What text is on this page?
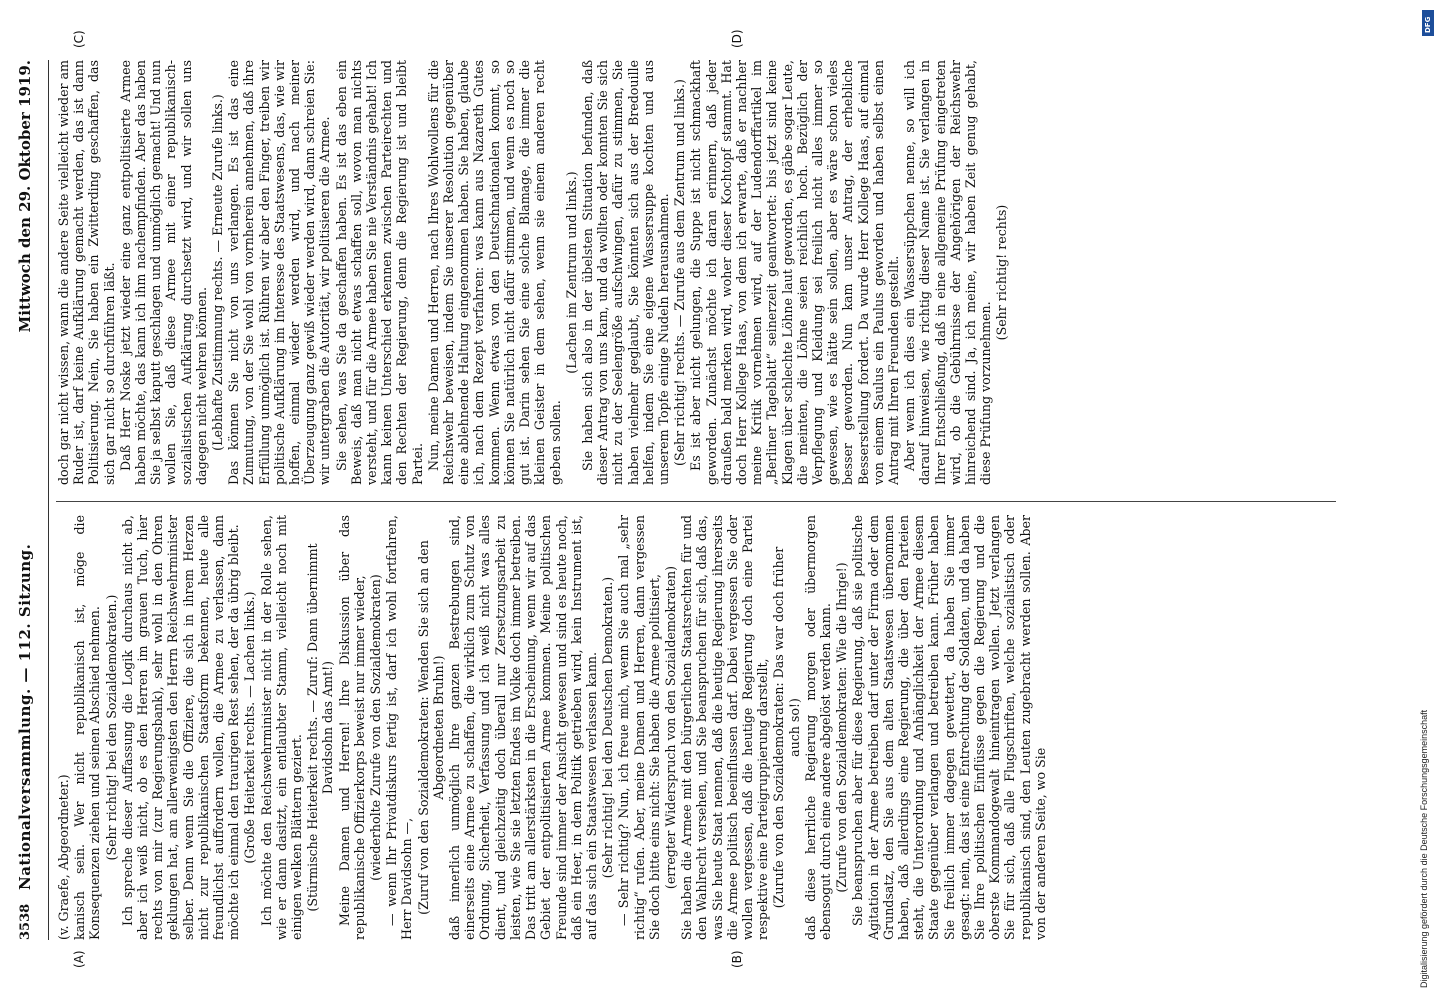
3538
Nationalversammlung. — 112. Sitzung.
Mittwoch den 29. Oktober 1919.
(A)	(B)
(C)	(D)

(v. Graefe, Abgeordneter.) kanisch sein. Wer nicht republikanisch ist, möge die Konsequenzen ziehen und seinen Abschied nehmen. (Sehr richtig! bei den Sozialdemokraten.) Ich spreche dieser Auffassung die Logik durchaus nicht ab, aber ich weiß nicht, ob es den Herren im grauen Tuch, hier rechts von mir (zur Regierungsbank), sehr wohl in den Ohren geklungen hat, am allerwenigsten den Herrn Reichswehrminister selber. Denn wenn Sie die Offiziere, die sich in ihrem Herzen nicht zur republikanischen Staatsform bekennen, heute alle freundlichst auffordern wollen, die Armee zu verlassen, dann möchte ich einmal den traurigen Rest sehen, der da übrig bleibt. (Große Heiterkeit rechts. — Lachen links.) Ich möchte den Reichswehrminister nicht in der Rolle sehen, wie er dann dasitzt, ein entlaubter Stamm, vielleicht noch mit einigen welken Blättern geziert. (Stürmische Heiterkeit rechts. — Zuruf: Dann übernimmt Davidsohn das Amt!) Meine Damen und Herren! Ihre Diskussion über das republikanische Offizierkorps beweist nur immer wieder, (wiederholte Zurufe von den Sozialdemokraten) — wenn Ihr Privatdiskurs fertig ist, darf ich wohl fortfahren, Herr Davidsohn —, (Zuruf von den Sozialdemokraten: Wenden Sie sich an den Abgeordneten Bruhn!) daß innerlich unmöglich Ihre ganzen Bestrebungen sind, einerseits eine Armee zu schaffen, die wirklich zum Schutz von Ordnung, Sicherheit, Verfassung und ich weiß nicht was alles dient, und gleichzeitig doch überall nur Zersetzungsarbeit zu leisten, wie Sie sie letzten Endes im Volke doch immer betreiben. Das tritt am allerstärksten in die Erscheinung, wenn wir auf das Gebiet der entpolitisierten Armee kommen. Meine politischen Freunde sind immer der Ansicht gewesen und sind es heute noch, daß ein Heer, in dem Politik getrieben wird, kein Instrument ist, auf das sich ein Staatswesen verlassen kann. (Sehr richtig! bei den Deutschen Demokraten.) — Sehr richtig? Nun, ich freue mich, wenn Sie auch mal „sehr richtig“ rufen. Aber, meine Damen und Herren, dann vergessen Sie doch bitte eins nicht: Sie haben die Armee politisiert, (erregter Widerspruch von den Sozialdemokraten) Sie haben die Armee mit den bürgerlichen Staatsrechten für und den Wahlrecht versehen, und Sie beanspruchen für sich, daß das, was Sie heute Staat nennen, daß die heutige Regierung ihrerseits die Armee politisch beeinflussen darf. Dabei vergessen Sie oder wollen vergessen, daß die heutige Regierung doch eine Partei respektive eine Parteigruppierung darstellt, (Zurufe von den Sozialdemokraten: Das war doch früher auch so!) daß diese herrliche Regierung morgen oder übermorgen ebensogut durch eine andere abgelöst werden kann. (Zurufe von den Sozialdemokraten: Wie die Ihrige!) Sie beanspruchen aber für diese Regierung, daß sie politische Agitation in der Armee betreiben darf unter der Firma oder dem Grundsatz, den Sie aus dem alten Staatswesen übernommen haben, daß allerdings eine Regierung, die über den Parteien steht, die Unterordnung und Anhänglichkeit der Armee diesem Staate gegenüber verlangen und betreiben kann. Früher haben Sie freilich immer dagegen gewettert, da haben Sie immer gesagt: nein, das ist eine Entrechtung der Soldaten, und da haben Sie Ihre politischen Einflüsse gegen die Regierung und die oberste Kommandogewalt hineintragen wollen. Jetzt verlangen Sie für sich, daß alle Flugschriften, welche sozialistisch oder republikanisch sind, den Leuten zugebracht werden sollen. Aber von der anderen Seite, wo Sie

doch gar nicht wissen, wann die andere Seite vielleicht wieder am Ruder ist, darf keine Aufklärung gemacht werden, das ist dann Politisierung. Nein, Sie haben ein Zwitterding geschaffen, das sich gar nicht so durchführen läßt. Daß Herr Noske jetzt wieder eine ganz entpolitisierte Armee haben möchte, das kann ich ihm nachempfinden. Aber das haben Sie ja selbst kaputt geschlagen und unmöglich gemacht! Und nun wollen Sie, daß diese Armee mit einer republikanisch-sozialistischen Aufklärung durchsetzt wird, und wir sollen uns dagegen nicht wehren können. (Lebhafte Zustimmung rechts. — Erneute Zurufe links.) Das können Sie nicht von uns verlangen. Es ist das eine Zumutung, von der Sie wohl von vornherein annehmen, daß ihre Erfüllung unmöglich ist. Rühren wir aber den Finger, treiben wir politische Aufklärung im Interesse des Staatswesens, das, wie wir hoffen, einmal wieder werden wird, und nach meiner Überzeugung ganz gewiß wieder werden wird, dann schreien Sie: wir untergraben die Autorität, wir politisieren die Armee. Sie sehen, was Sie da geschaffen haben. Es ist das eben ein Beweis, daß man nicht etwas schaffen soll, wovon man nichts versteht, und für die Armee haben Sie nie Verständnis gehabt! Ich kann keinen Unterschied erkennen zwischen Parteirechten und den Rechten der Regierung, denn die Regierung ist und bleibt Partei. Nun, meine Damen und Herren, nach Ihres Wohlwollens für die Reichswehr beweisen, indem Sie unserer Resolution gegenüber eine ablehnende Haltung eingenommen haben. Sie haben, glaube ich, nach dem Rezept verfahren: was kann aus Nazareth Gutes kommen. Wenn etwas von den Deutschnationalen kommt, so können Sie natürlich nicht dafür stimmen, und wenn es noch so gut ist. Darin sehen Sie eine solche Blamage, die immer die kleinen Geister in dem sehen, wenn sie einem anderen recht geben sollen.

(Lachen im Zentrum und links.) Sie haben sich also in der übelsten Situation befunden, daß dieser Antrag von uns kam, und da wollten oder konnten Sie sich nicht zu der Seelengröße aufschwingen, dafür zu stimmen, Sie haben vielmehr geglaubt, Sie könnten sich aus der Bredouille helfen, indem Sie eine eigene Wassersuppe kochten und aus unserem Topfe einige Nudeln herausnahmen. (Sehr richtig! rechts. — Zurufe aus dem Zentrum und links.) Es ist aber nicht gelungen, die Suppe ist nicht schmackhaft geworden. Zunächst möchte ich daran erinnern, daß jeder draußen bald merken wird, woher dieser Kochtopf stammt. Hat doch Herr Kollege Haas, von dem ich erwarte, daß er nachher meine Kritik vornehmen wird, auf der Ludendorffartikel im „Berliner Tageblatt“ seinerzeit geantwortet: bis jetzt sind keine Klagen über schlechte Löhne laut geworden, es gäbe sogar Leute, die meinten, die Löhne seien reichlich hoch. Bezüglich der Verpflegung und Kleidung sei freilich nicht alles immer so gewesen, wie es hätte sein sollen, aber es wäre schon vieles besser geworden. Nun kam unser Antrag, der erhebliche Besserstellung fordert. Da wurde Herr Kollege Haas, auf einmal von einem Saulus ein Paulus geworden und haben selbst einen Antrag mit Ihren Freunden gestellt. Aber wenn ich dies ein Wassersüppchen nenne, so will ich darauf hinweisen, wie richtig dieser Name ist. Sie verlangen in Ihrer Entschließung, daß in eine allgemeine Prüfung eingetreten wird, ob die Gebührnisse der Angehörigen der Reichswehr hinreichend sind. Ja, ich meine, wir haben Zeit genug gehabt, diese Prüfung vorzunehmen.

(Sehr richtig! rechts)

DFG
Digitalisierung gefördert durch die Deutsche Forschungsgemeinschaft
